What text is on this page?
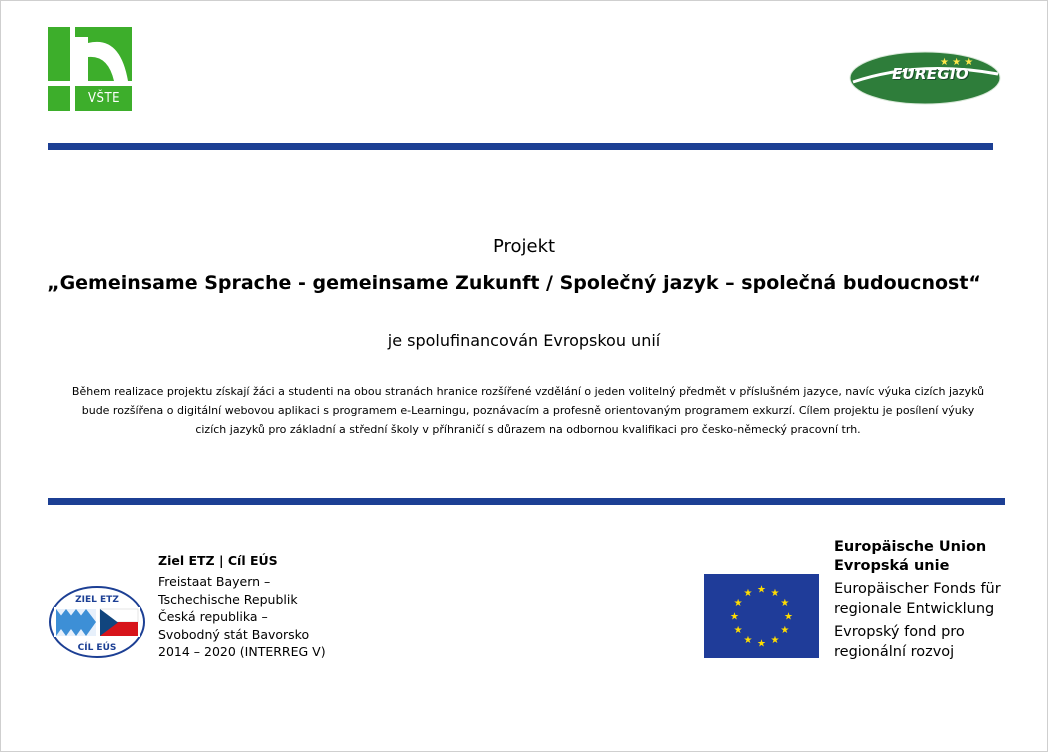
VŠTE
★ ★ ★
EUREGIO
Projekt
„Gemeinsame Sprache - gemeinsame Zukunft / Společný jazyk – společná budoucnost“
je spolufinancován Evropskou unií
Během realizace projektu získají žáci a studenti na obou stranách hranice rozšířené vzdělání o jeden volitelný předmět v příslušném jazyce, navíc výuka cizích jazyků
bude rozšířena o digitální webovou aplikaci s programem e-Learningu, poznávacím a profesně orientovaným programem exkurzí. Cílem projektu je posílení výuky
cizích jazyků pro základní a střední školy v příhraničí s důrazem na odbornou kvalifikaci pro česko-německý pracovní trh.
ZIEL ETZ
CÍL EÚS
Ziel ETZ | Cíl EÚS
Freistaat Bayern –
Tschechische Republik
Česká republika –
Svobodný stát Bavorsko
2014 – 2020 (INTERREG V)
★ ★
★
★
★
★
★
★
★
★
★
★
Europäische Union
Evropská unie
Europäischer Fonds für
regionale Entwicklung
Evropský fond pro
regionální rozvoj
